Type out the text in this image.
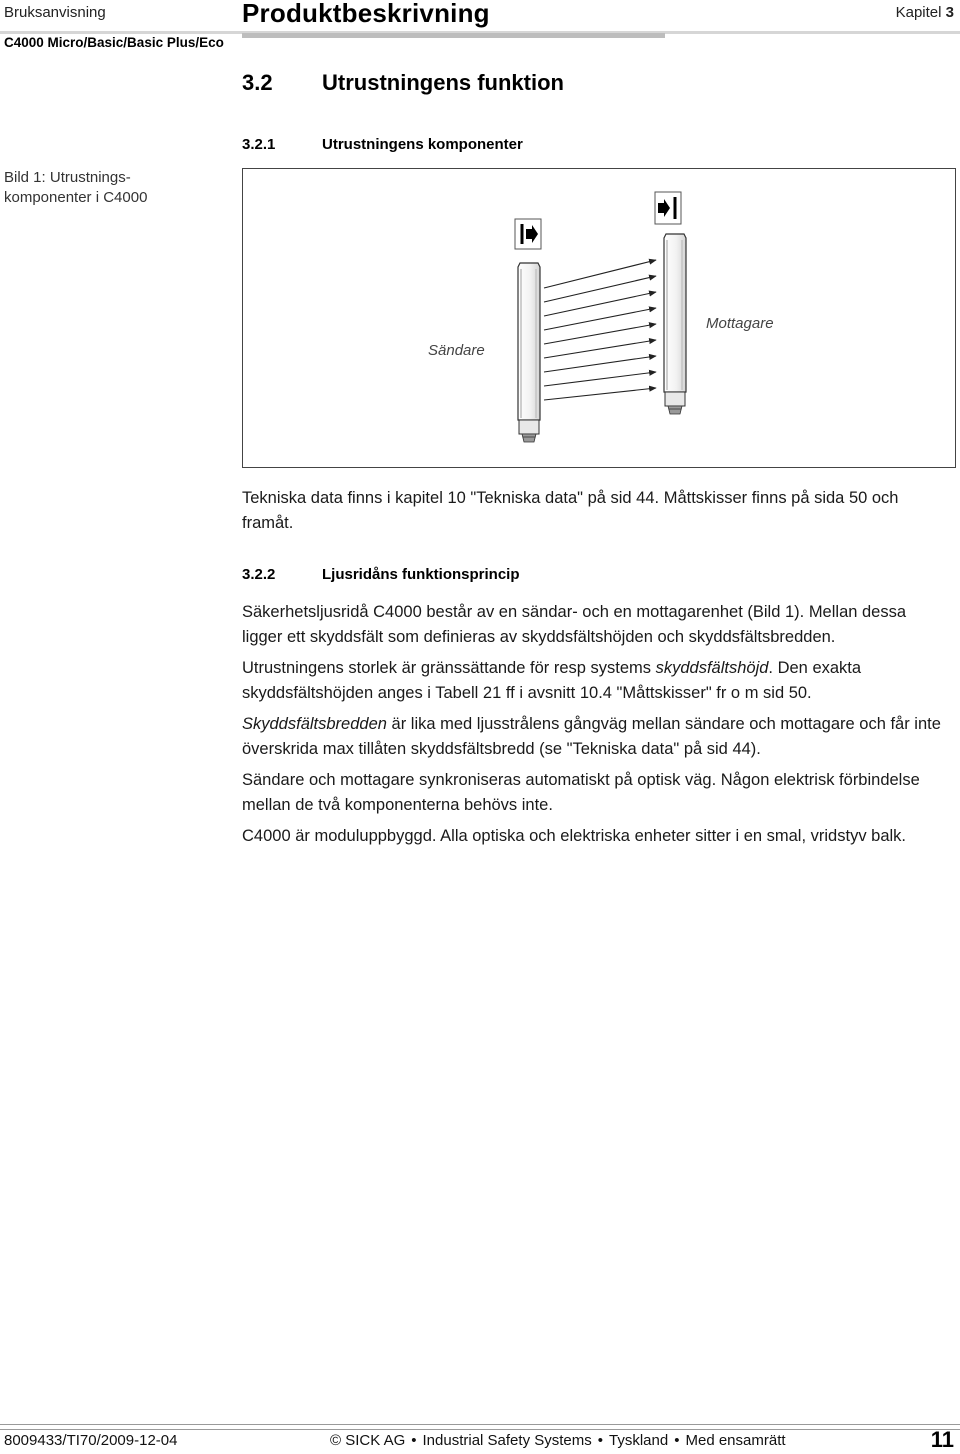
Bruksanvisning
C4000 Micro/Basic/Basic Plus/Eco
Produktbeskrivning	Kapitel 3
3.2 Utrustningens funktion
3.2.1	Utrustningens komponenter
Bild 1: Utrustnings-
komponenter i C4000
Sändare
Mottagare
Tekniska data finns i kapitel 10 "Tekniska data" på sid 44. Måttskisser finns på sida 50 och framåt.
3.2.2	Ljusridåns funktionsprincip
Säkerhetsljusridå C4000 består av en sändar- och en mottagarenhet (Bild 1). Mellan dessa ligger ett skyddsfält som definieras av skyddsfältshöjden och skyddsfältsbredden.
Utrustningens storlek är gränssättande för resp systems skyddsfältshöjd. Den exakta skyddsfältshöjden anges i Tabell 21 ff i avsnitt 10.4 "Måttskisser" fr o m sid 50.
Skyddsfältsbredden är lika med ljusstrålens gångväg mellan sändare och mottagare och får inte överskrida max tillåten skyddsfältsbredd (se "Tekniska data" på sid 44).
Sändare och mottagare synkroniseras automatiskt på optisk väg. Någon elektrisk förbindelse mellan de två komponenterna behövs inte.
C4000 är moduluppbyggd. Alla optiska och elektriska enheter sitter i en smal, vridstyv balk.
8009433/TI70/2009-12-04	© SICK AG • Industrial Safety Systems • Tyskland • Med ensamrätt	11
